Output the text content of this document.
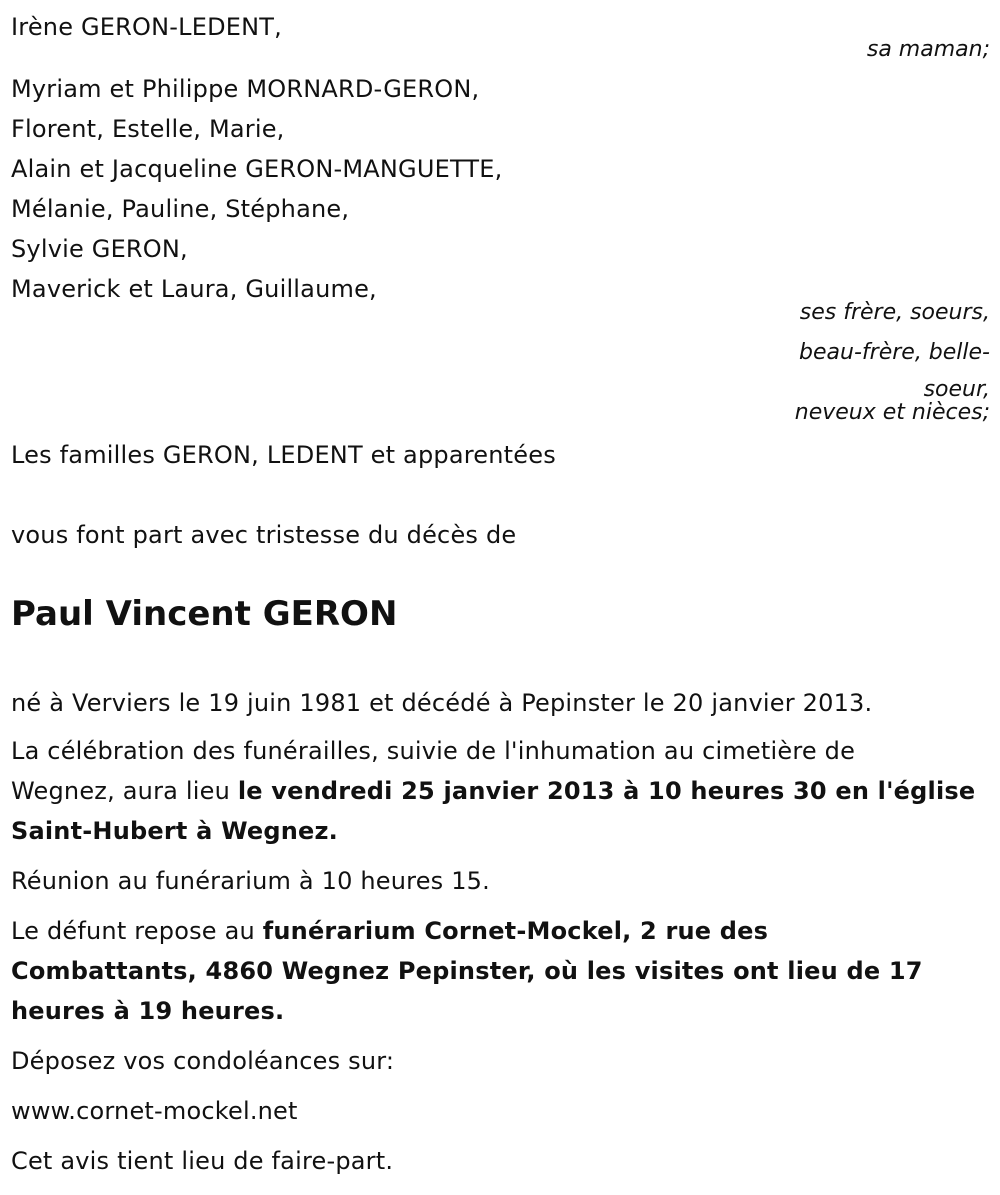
Irène GERON-LEDENT,
sa maman;
Myriam et Philippe MORNARD-GERON,
Florent, Estelle, Marie,
Alain et Jacqueline GERON-MANGUETTE,
Mélanie, Pauline, Stéphane,
Sylvie GERON,
Maverick et Laura, Guillaume,
ses frère, soeurs,
beau-frère, belle-
soeur,
neveux et nièces;
Les familles GERON, LEDENT et apparentées
vous font part avec tristesse du décès de
Paul Vincent GERON
né à Verviers le 19 juin 1981 et décédé à Pepinster le 20 janvier 2013.
La célébration des funérailles, suivie de l'inhumation au cimetière de
Wegnez, aura lieu le vendredi 25 janvier 2013 à 10 heures 30 en l'église
Saint-Hubert à Wegnez.
Réunion au funérarium à 10 heures 15.
Le défunt repose au funérarium Cornet-Mockel, 2 rue des
Combattants, 4860 Wegnez Pepinster, où les visites ont lieu de 17
heures à 19 heures.
Déposez vos condoléances sur:
www.cornet-mockel.net
Cet avis tient lieu de faire-part.
